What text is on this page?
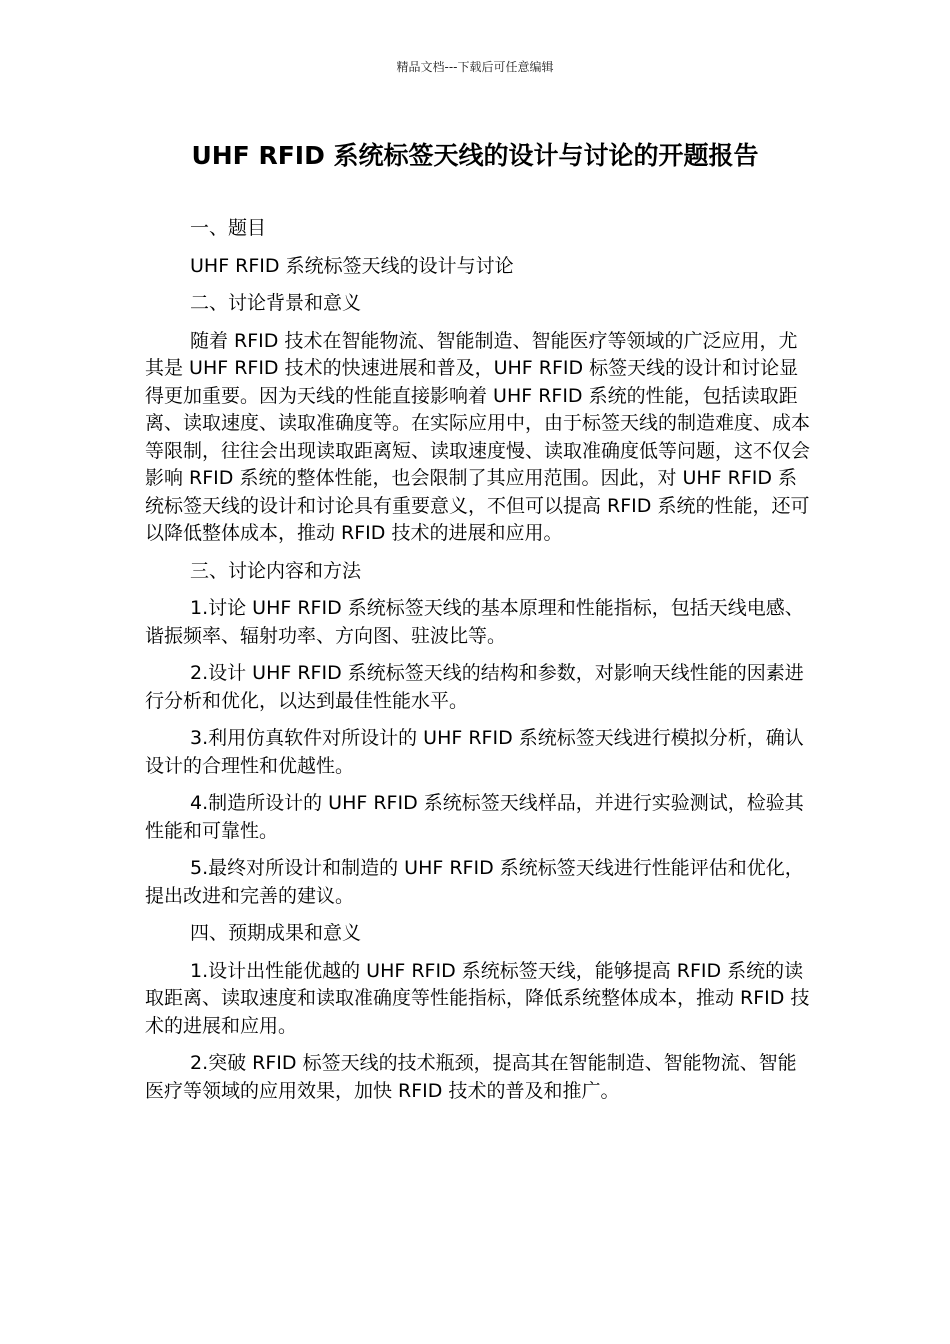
精品文档---下载后可任意编辑
UHF RFID 系统标签天线的设计与讨论的开题报告

一、题目

UHF RFID 系统标签天线的设计与讨论

二、讨论背景和意义

随着 RFID 技术在智能物流、智能制造、智能医疗等领域的广泛应用，尤其是 UHF RFID 技术的快速进展和普及，UHF RFID 标签天线的设计和讨论显得更加重要。因为天线的性能直接影响着 UHF RFID 系统的性能，包括读取距离、读取速度、读取准确度等。在实际应用中，由于标签天线的制造难度、成本等限制，往往会出现读取距离短、读取速度慢、读取准确度低等问题，这不仅会影响 RFID 系统的整体性能，也会限制了其应用范围。因此，对 UHF RFID 系统标签天线的设计和讨论具有重要意义，不但可以提高 RFID 系统的性能，还可以降低整体成本，推动 RFID 技术的进展和应用。

三、讨论内容和方法

1.讨论 UHF RFID 系统标签天线的基本原理和性能指标，包括天线电感、谐振频率、辐射功率、方向图、驻波比等。

2.设计 UHF RFID 系统标签天线的结构和参数，对影响天线性能的因素进行分析和优化，以达到最佳性能水平。

3.利用仿真软件对所设计的 UHF RFID 系统标签天线进行模拟分析，确认设计的合理性和优越性。

4.制造所设计的 UHF RFID 系统标签天线样品，并进行实验测试，检验其性能和可靠性。

5.最终对所设计和制造的 UHF RFID 系统标签天线进行性能评估和优化，提出改进和完善的建议。

四、预期成果和意义

1.设计出性能优越的 UHF RFID 系统标签天线，能够提高 RFID 系统的读取距离、读取速度和读取准确度等性能指标，降低系统整体成本，推动 RFID 技术的进展和应用。

2.突破 RFID 标签天线的技术瓶颈，提高其在智能制造、智能物流、智能医疗等领域的应用效果，加快 RFID 技术的普及和推广。
